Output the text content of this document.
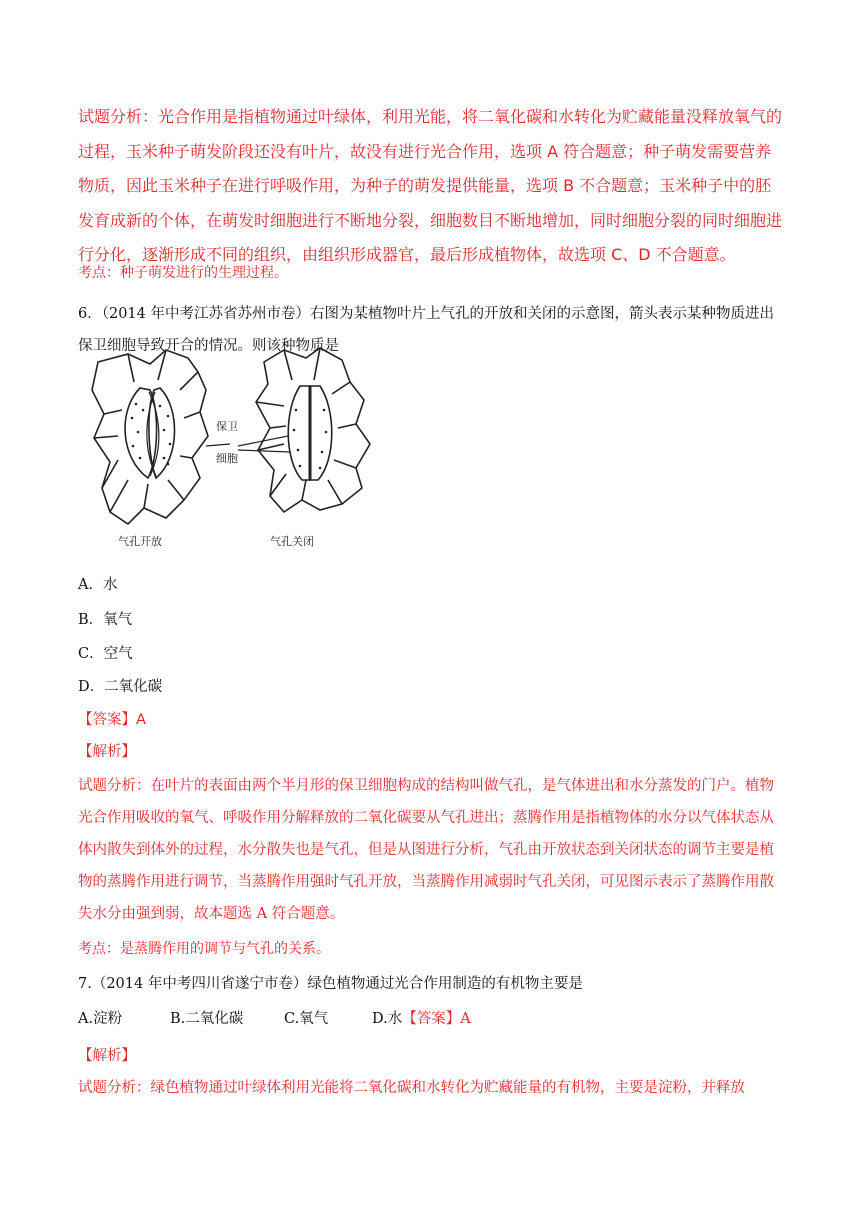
试题分析：光合作用是指植物通过叶绿体，利用光能，将二氧化碳和水转化为贮藏能量没释放氧气的过程，玉米种子萌发阶段还没有叶片，故没有进行光合作用，选项 A 符合题意；种子萌发需要营养物质，因此玉米种子在进行呼吸作用，为种子的萌发提供能量，选项 B 不合题意；玉米种子中的胚发育成新的个体，在萌发时细胞进行不断地分裂，细胞数目不断地增加，同时细胞分裂的同时细胞进行分化，逐渐形成不同的组织，由组织形成器官，最后形成植物体，故选项 C、D 不合题意。
考点：种子萌发进行的生理过程。
6．（2014 年中考江苏省苏州市卷）右图为某植物叶片上气孔的开放和关闭的示意图，箭头表示某种物质进出保卫细胞导致开合的情况。则该种物质是
保卫
细胞
气孔开放	气孔关闭
A．水
B．氧气
C．空气
D．二氧化碳
【答案】A
【解析】
试题分析：在叶片的表面由两个半月形的保卫细胞构成的结构叫做气孔，是气体进出和水分蒸发的门户。植物光合作用吸收的氧气、呼吸作用分解释放的二氧化碳要从气孔进出；蒸腾作用是指植物体的水分以气体状态从体内散失到体外的过程，水分散失也是气孔，但是从图进行分析，气孔由开放状态到关闭状态的调节主要是植物的蒸腾作用进行调节，当蒸腾作用强时气孔开放，当蒸腾作用减弱时气孔关闭，可见图示表示了蒸腾作用散失水分由强到弱，故本题选 A 符合题意。
考点：是蒸腾作用的调节与气孔的关系。
7.（2014 年中考四川省遂宁市卷）绿色植物通过光合作用制造的有机物主要是
A.淀粉	B.二氧化碳	C.氧气	D.水【答案】A
【解析】
试题分析：绿色植物通过叶绿体利用光能将二氧化碳和水转化为贮藏能量的有机物，主要是淀粉，并释放
